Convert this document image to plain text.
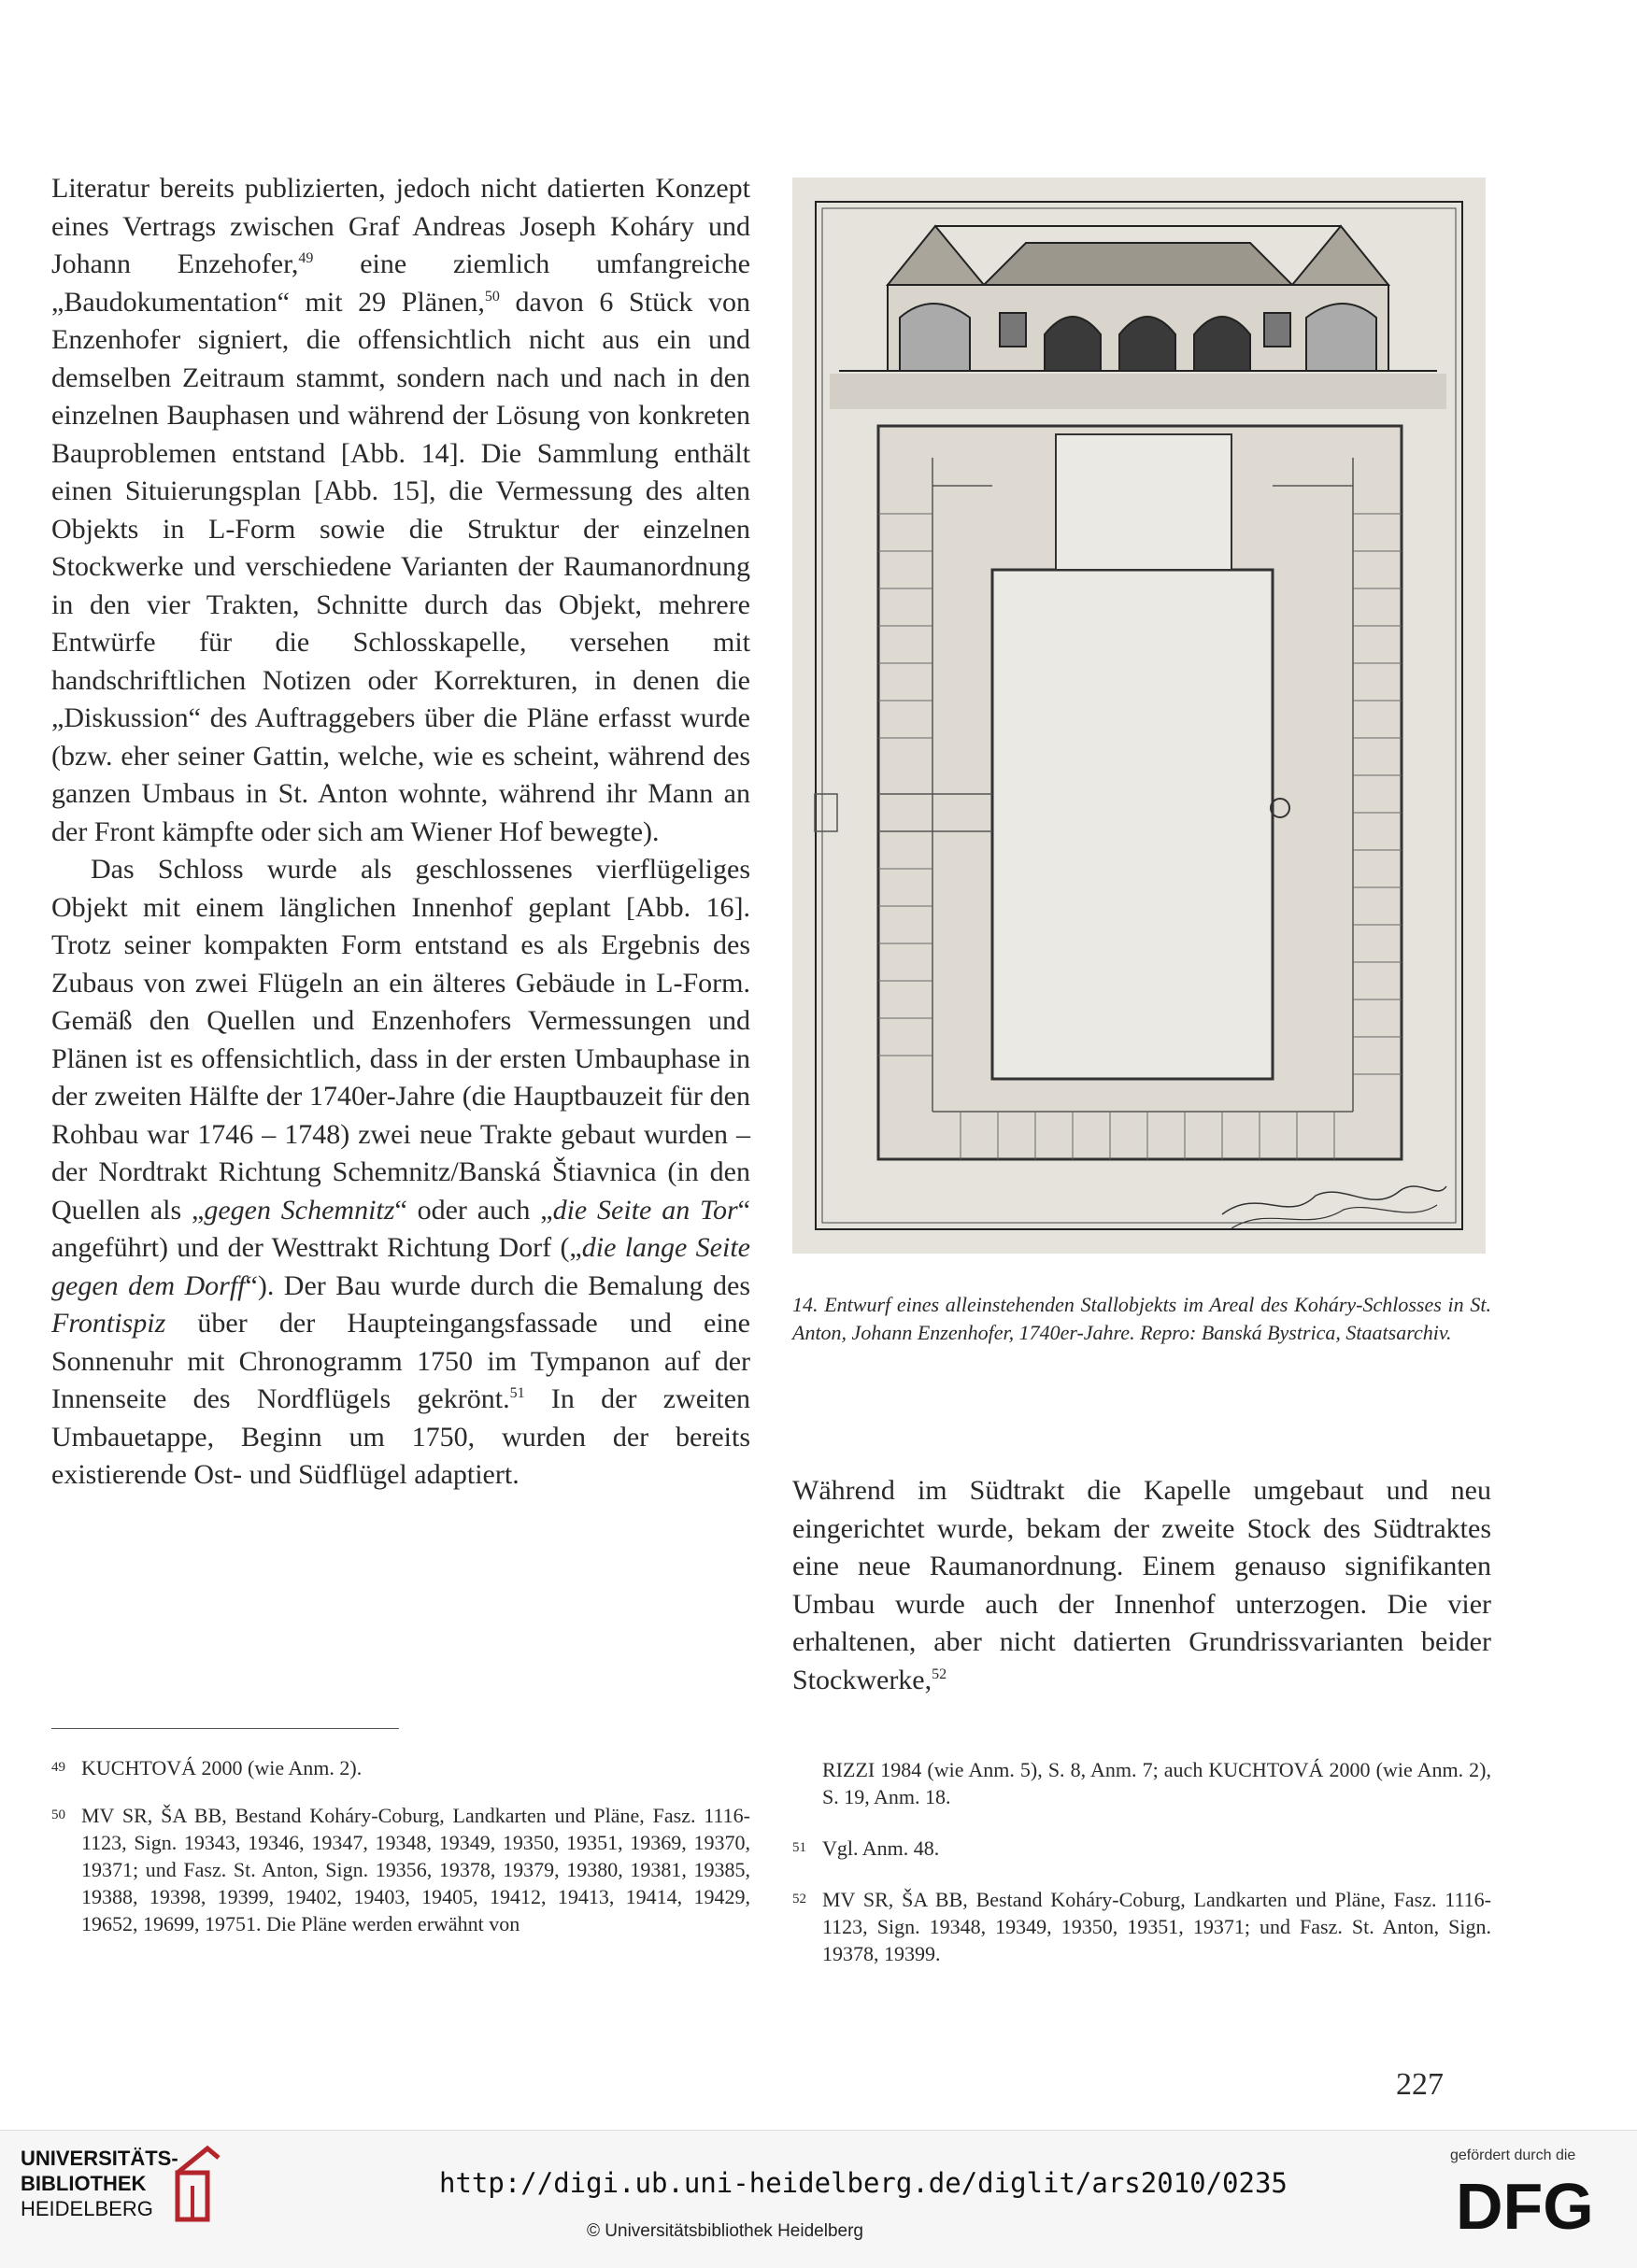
Literatur bereits publizierten, jedoch nicht datierten Konzept eines Vertrags zwischen Graf Andreas Joseph Koháry und Johann Enzehofer,$^{49}$ eine ziemlich umfangreiche „Baudokumentation“ mit 29 Plänen,$^{50}$ davon 6 Stück von Enzenhofer signiert, die offensichtlich nicht aus ein und demselben Zeitraum stammt, sondern nach und nach in den einzelnen Bauphasen und während der Lösung von konkreten Bauproblemen entstand [Abb. 14]. Die Sammlung enthält einen Situierungsplan [Abb. 15], die Vermessung des alten Objekts in L-Form sowie die Struktur der einzelnen Stockwerke und verschiedene Varianten der Raumanordnung in den vier Trakten, Schnitte durch das Objekt, mehrere Entwürfe für die Schlosskapelle, versehen mit handschriftlichen Notizen oder Korrekturen, in denen die „Diskussion“ des Auftraggebers über die Pläne erfasst wurde (bzw. eher seiner Gattin, welche, wie es scheint, während des ganzen Umbaus in St. Anton wohnte, während ihr Mann an der Front kämpfte oder sich am Wiener Hof bewegte).

Das Schloss wurde als geschlossenes vierflügeliges Objekt mit einem länglichen Innenhof geplant [Abb. 16]. Trotz seiner kompakten Form entstand es als Ergebnis des Zubaus von zwei Flügeln an ein älteres Gebäude in L-Form. Gemäß den Quellen und Enzenhofers Vermessungen und Plänen ist es offensichtlich, dass in der ersten Umbauphase in der zweiten Hälfte der 1740er-Jahre (die Hauptbauzeit für den Rohbau war 1746 – 1748) zwei neue Trakte gebaut wurden – der Nordtrakt Richtung Schemnitz/Banská Štiavnica (in den Quellen als „gegen Schemnitz“ oder auch „die Seite an Tor“ angeführt) und der Westtrakt Richtung Dorf („die lange Seite gegen dem Dorff“). Der Bau wurde durch die Bemalung des Frontispiz über der Haupteingangsfassade und eine Sonnenuhr mit Chronogramm 1750 im Tympanon auf der Innenseite des Nordflügels gekrönt.$^{51}$ In der zweiten Umbauetappe, Beginn um 1750, wurden der bereits existierende Ost- und Südflügel adaptiert.

49 KUCHTOVÁ 2000 (wie Anm. 2).

50 MV SR, ŠA BB, Bestand Koháry-Coburg, Landkarten und Pläne, Fasz. 1116-1123, Sign. 19343, 19346, 19347, 19348, 19349, 19350, 19351, 19369, 19370, 19371; und Fasz. St. Anton, Sign. 19356, 19378, 19379, 19380, 19381, 19385, 19388, 19398, 19399, 19402, 19403, 19405, 19412, 19413, 19414, 19429, 19652, 19699, 19751. Die Pläne werden erwähnt von

14. Entwurf eines alleinstehenden Stallobjekts im Areal des Koháry-Schlosses in St. Anton, Johann Enzenhofer, 1740er-Jahre. Repro: Banská Bystrica, Staatsarchiv.
Während im Südtrakt die Kapelle umgebaut und neu eingerichtet wurde, bekam der zweite Stock des Südtraktes eine neue Raumanordnung. Einem genauso signifikanten Umbau wurde auch der Innenhof unterzogen. Die vier erhaltenen, aber nicht datierten Grundrissvarianten beider Stockwerke,$^{52}$

RIZZI 1984 (wie Anm. 5), S. 8, Anm. 7; auch KUCHTOVÁ 2000 (wie Anm. 2), S. 19, Anm. 18.

51 Vgl. Anm. 48.

52 MV SR, ŠA BB, Bestand Koháry-Coburg, Landkarten und Pläne, Fasz. 1116-1123, Sign. 19348, 19349, 19350, 19351, 19371; und Fasz. St. Anton, Sign. 19378, 19399.

227
UNIVERSITÄTS-
BIBLIOTHEK
HEIDELBERG
http://digi.ub.uni-heidelberg.de/diglit/ars2010/0235
© Universitätsbibliothek Heidelberg
gefördert durch die
DFG
